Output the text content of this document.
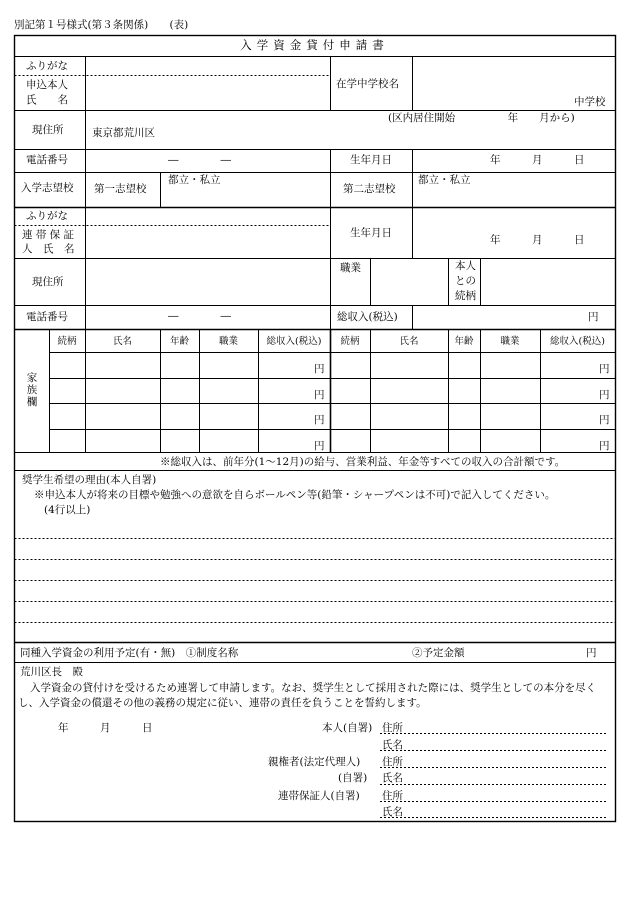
別記第１号様式(第３条関係) (表)
入学資金貸付申請書
ふりがな
申込本人
氏　　名
在学中学校名
中学校
現住所
(区内居住開始　　　　　年　　月から)
東京都荒川区
電話番号	―　　　　―	生年月日	年　　　月　　　日
入学志望校 第一志望校
都立・私立
第二志望校
都立・私立
ふりがな
連 帯 保 証
人　氏　名
生年月日
年　　　月　　　日
現住所
職業	本人
との
続柄
電話番号	―　　　　―	総収入(税込)	円
家
族
欄
続柄	氏名	年齢	職業	総収入(税込)
円
円
円
円
続柄	氏名	年齢	職業	総収入(税込)
円
円
円
円
※総収入は、前年分(1〜12月)の給与、営業利益、年金等すべての収入の合計額です。
奨学生希望の理由(本人自署)
※申込本人が将来の目標や勉強への意欲を自らボールペン等(鉛筆・シャープペンは不可)で記入してください。
(4行以上)
同種入学資金の利用予定(有・無)　①制度名称	②予定金額	円
荒川区長　殿
入学資金の貸付けを受けるため連署して申請します。なお、奨学生として採用された際には、奨学生としての本分を尽くし、入学資金の償還その他の義務の規定に従い、連帯の責任を負うことを誓約します。
年　　　月　　　日	本人(自署) 住所
氏名
親権者(法定代理人)
(自署)
住所
氏名
連帯保証人(自署) 住所
氏名
